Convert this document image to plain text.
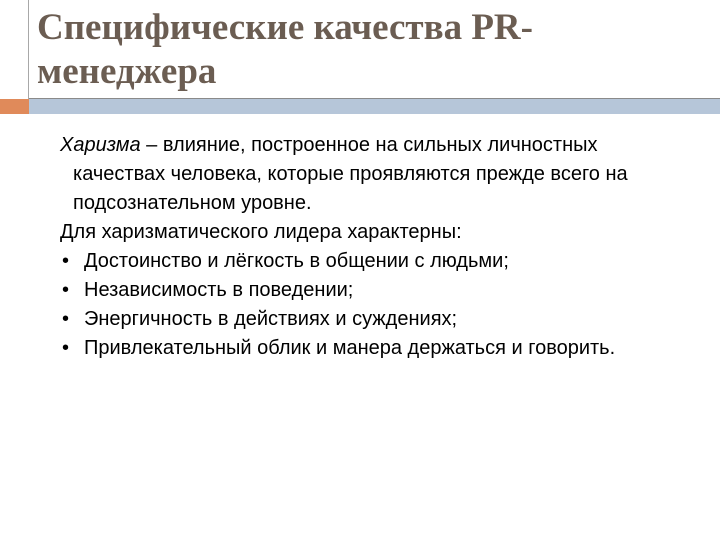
Специфические качества PR-
менеджера

Харизма – влияние, построенное на сильных личностных качествах человека, которые проявляются прежде всего на подсознательном уровне.

Для харизматического лидера характерны:

• Достоинство и лёгкость в общении с людьми;
• Независимость в поведении;
• Энергичность в действиях и суждениях;
• Привлекательный облик и манера держаться и говорить.
